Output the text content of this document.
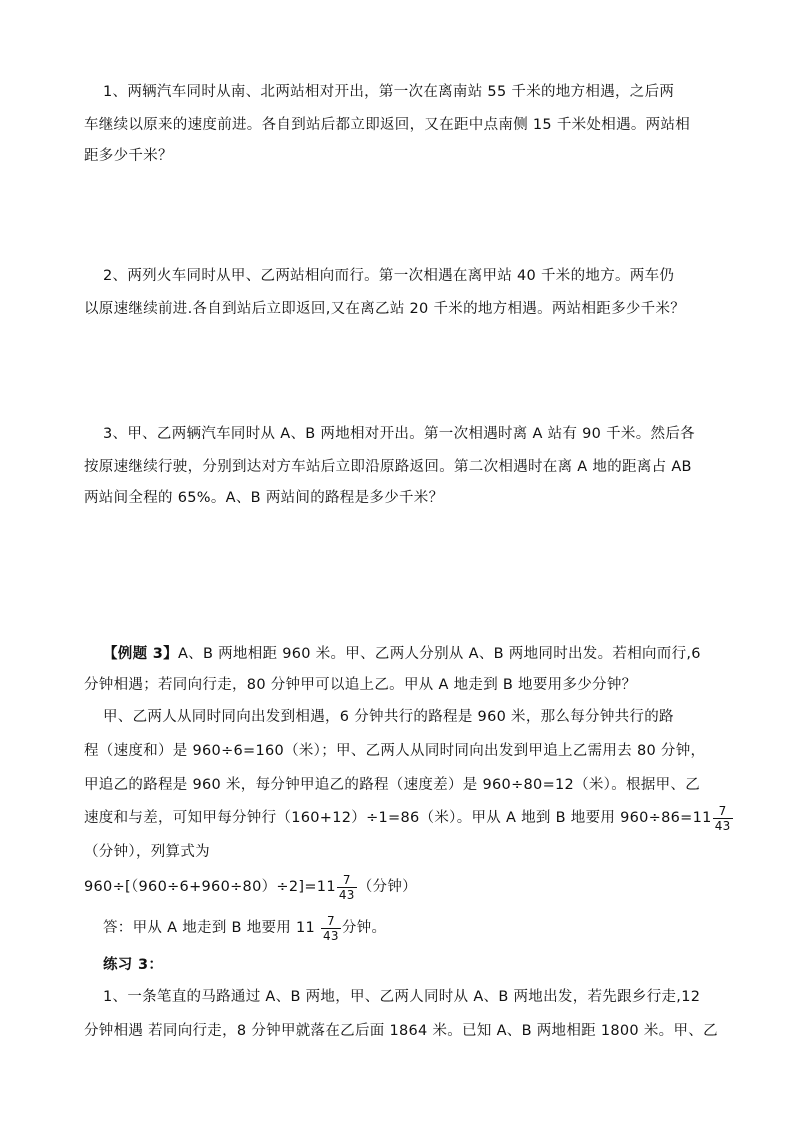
1、两辆汽车同时从南、北两站相对开出，第一次在离南站 55 千米的地方相遇，之后两
车继续以原来的速度前进。各自到站后都立即返回，又在距中点南侧 15 千米处相遇。两站相
距多少千米？
2、两列火车同时从甲、乙两站相向而行。第一次相遇在离甲站 40 千米的地方。两车仍
以原速继续前进.各自到站后立即返回,又在离乙站 20 千米的地方相遇。两站相距多少千米？
3、甲、乙两辆汽车同时从 A、B 两地相对开出。第一次相遇时离 A 站有 90 千米。然后各
按原速继续行驶，分别到达对方车站后立即沿原路返回。第二次相遇时在离 A 地的距离占 AB
两站间全程的 65%。A、B 两站间的路程是多少千米？
【例题 3】A、B 两地相距 960 米。甲、乙两人分别从 A、B 两地同时出发。若相向而行,6
分钟相遇；若同向行走，80 分钟甲可以追上乙。甲从 A 地走到 B 地要用多少分钟？
甲、乙两人从同时同向出发到相遇，6 分钟共行的路程是 960 米，那么每分钟共行的路
程（速度和）是 960÷6=160（米）；甲、乙两人从同时同向出发到甲追上乙需用去 80 分钟，
甲追乙的路程是 960 米，每分钟甲追乙的路程（速度差）是 960÷80=12（米）。根据甲、乙
速度和与差，可知甲每分钟行（160+12）÷1=86（米）。甲从 A 地到 B 地要用 $960\div 86=11 \frac{7}{43}$
（分钟），列算式为
$960\div[(960\div 6+960\div 80)\div 2]=11 \frac{7}{43}$ （分钟）
答：甲从 A 地走到 B 地要用 $11 \frac{7}{43}$ 分钟。
练习 3：
1、一条笔直的马路通过 A、B 两地，甲、乙两人同时从 A、B 两地出发，若先跟乡行走,12
分钟相遇 若同向行走，8 分钟甲就落在乙后面 1864 米。已知 A、B 两地相距 1800 米。甲、乙
